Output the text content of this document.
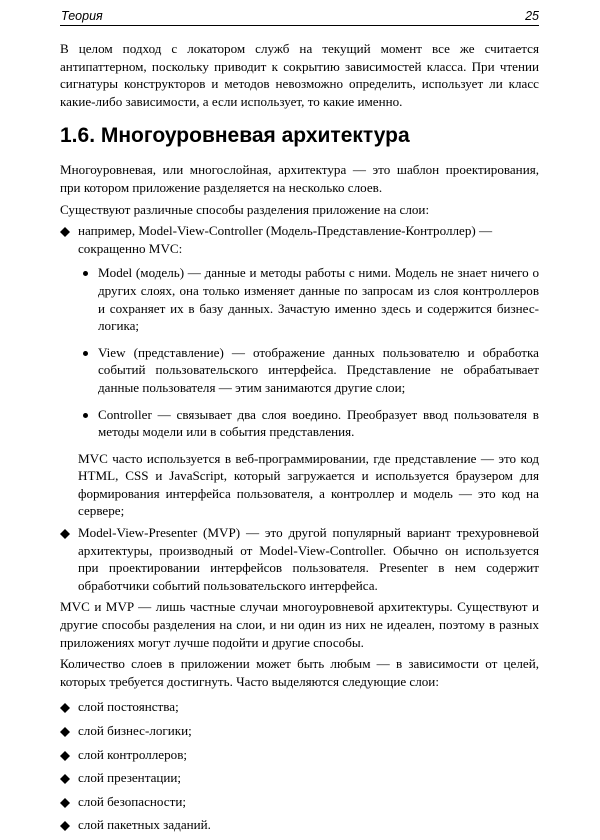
Теория	25

В целом подход с локатором служб на текущий момент все же считается антипаттерном, поскольку приводит к сокрытию зависимостей класса. При чтении сигнатуры конструкторов и методов невозможно определить, использует ли класс какие-либо зависимости, а если использует, то какие именно.

1.6. Многоуровневая архитектура

Многоуровневая, или многослойная, архитектура — это шаблон проектирования, при котором приложение разделяется на несколько слоев.

Существуют различные способы разделения приложение на слои:

например, Model-View-Controller (Модель-Представление-Контроллер) — сокращенно MVC:
Model (модель) — данные и методы работы с ними. Модель не знает ничего о других слоях, она только изменяет данные по запросам из слоя контроллеров и сохраняет их в базу данных. Зачастую именно здесь и содержится бизнес-логика;
View (представление) — отображение данных пользователю и обработка событий пользовательского интерфейса. Представление не обрабатывает данные пользователя — этим занимаются другие слои;
Controller — связывает два слоя воедино. Преобразует ввод пользователя в методы модели или в события представления.

MVC часто используется в веб-программировании, где представление — это код HTML, CSS и JavaScript, который загружается и используется браузером для формирования интерфейса пользователя, а контроллер и модель — это код на сервере;

Model-View-Presenter (MVP) — это другой популярный вариант трехуровневой архитектуры, производный от Model-View-Controller. Обычно он используется при проектировании интерфейсов пользователя. Presenter в нем содержит обработчики событий пользовательского интерфейса.

MVC и MVP — лишь частные случаи многоуровневой архитектуры. Существуют и другие способы разделения на слои, и ни один из них не идеален, поэтому в разных приложениях могут лучше подойти и другие способы.

Количество слоев в приложении может быть любым — в зависимости от целей, которых требуется достигнуть. Часто выделяются следующие слои:

слой постоянства;
слой бизнес-логики;
слой контроллеров;
слой презентации;
слой безопасности;
слой пакетных заданий.
